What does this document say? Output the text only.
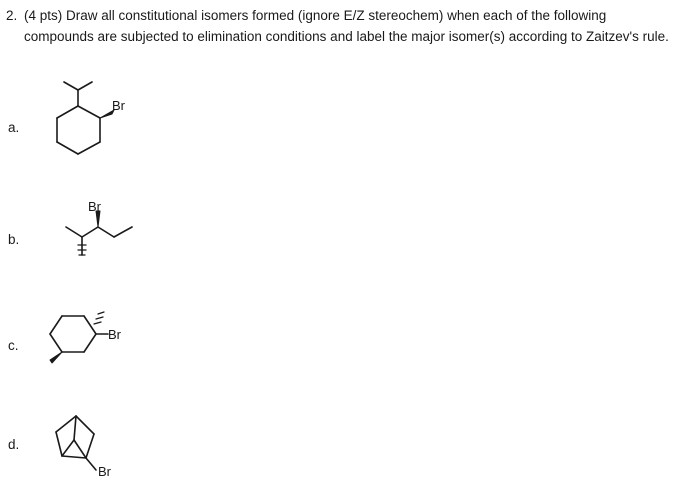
2. (4 pts) Draw all constitutional isomers formed (ignore E/Z stereochem) when each of the following compounds are subjected to elimination conditions and label the major isomer(s) according to Zaitzev's rule.
a.
Br
b.
Br
c.
Br
d.
Br
